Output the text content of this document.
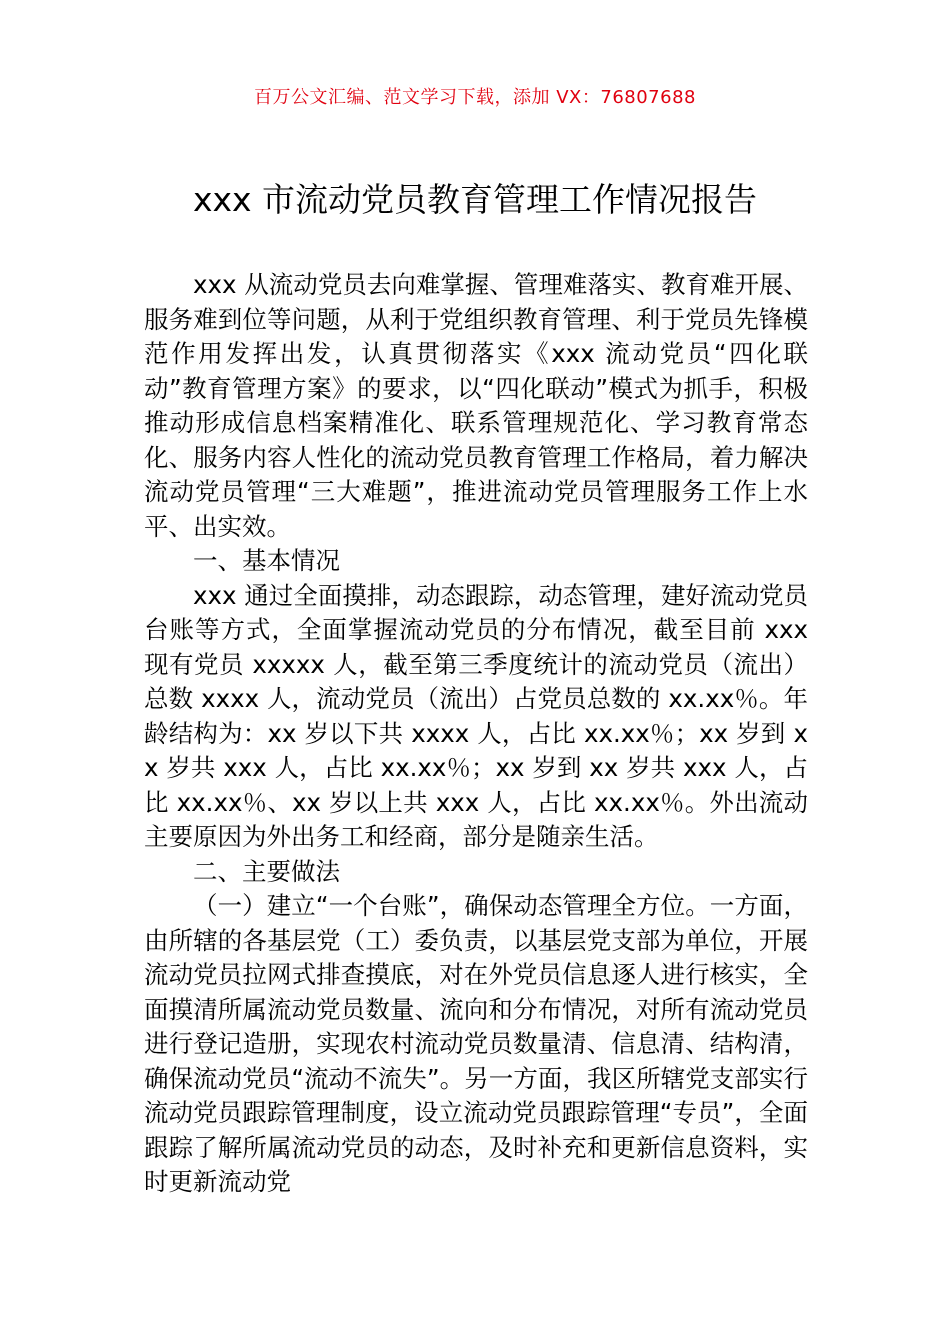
百万公文汇编、范文学习下载，添加 VX：76807688
xxx 市流动党员教育管理工作情况报告

xxx 从流动党员去向难掌握、管理难落实、教育难开展、服务难到位等问题，从利于党组织教育管理、利于党员先锋模范作用发挥出发，认真贯彻落实《xxx 流动党员“四化联动”教育管理方案》的要求，以“四化联动”模式为抓手，积极推动形成信息档案精准化、联系管理规范化、学习教育常态化、服务内容人性化的流动党员教育管理工作格局，着力解决流动党员管理“三大难题”，推进流动党员管理服务工作上水平、出实效。

一、基本情况

xxx 通过全面摸排，动态跟踪，动态管理，建好流动党员台账等方式，全面掌握流动党员的分布情况，截至目前 xxx 现有党员 xxxxx 人，截至第三季度统计的流动党员（流出）总数 xxxx 人，流动党员（流出）占党员总数的 xx.xx％。年龄结构为：xx 岁以下共 xxxx 人，占比 xx.xx％；xx 岁到 xx 岁共 xxx 人，占比 xx.xx％；xx 岁到 xx 岁共 xxx 人，占比 xx.xx％、xx 岁以上共 xxx 人，占比 xx.xx％。外出流动主要原因为外出务工和经商，部分是随亲生活。

二、主要做法

（一）建立“一个台账”，确保动态管理全方位。一方面，由所辖的各基层党（工）委负责，以基层党支部为单位，开展流动党员拉网式排查摸底，对在外党员信息逐人进行核实，全面摸清所属流动党员数量、流向和分布情况，对所有流动党员进行登记造册，实现农村流动党员数量清、信息清、结构清，确保流动党员“流动不流失”。另一方面，我区所辖党支部实行流动党员跟踪管理制度，设立流动党员跟踪管理“专员”，全面跟踪了解所属流动党员的动态，及时补充和更新信息资料，实时更新流动党
